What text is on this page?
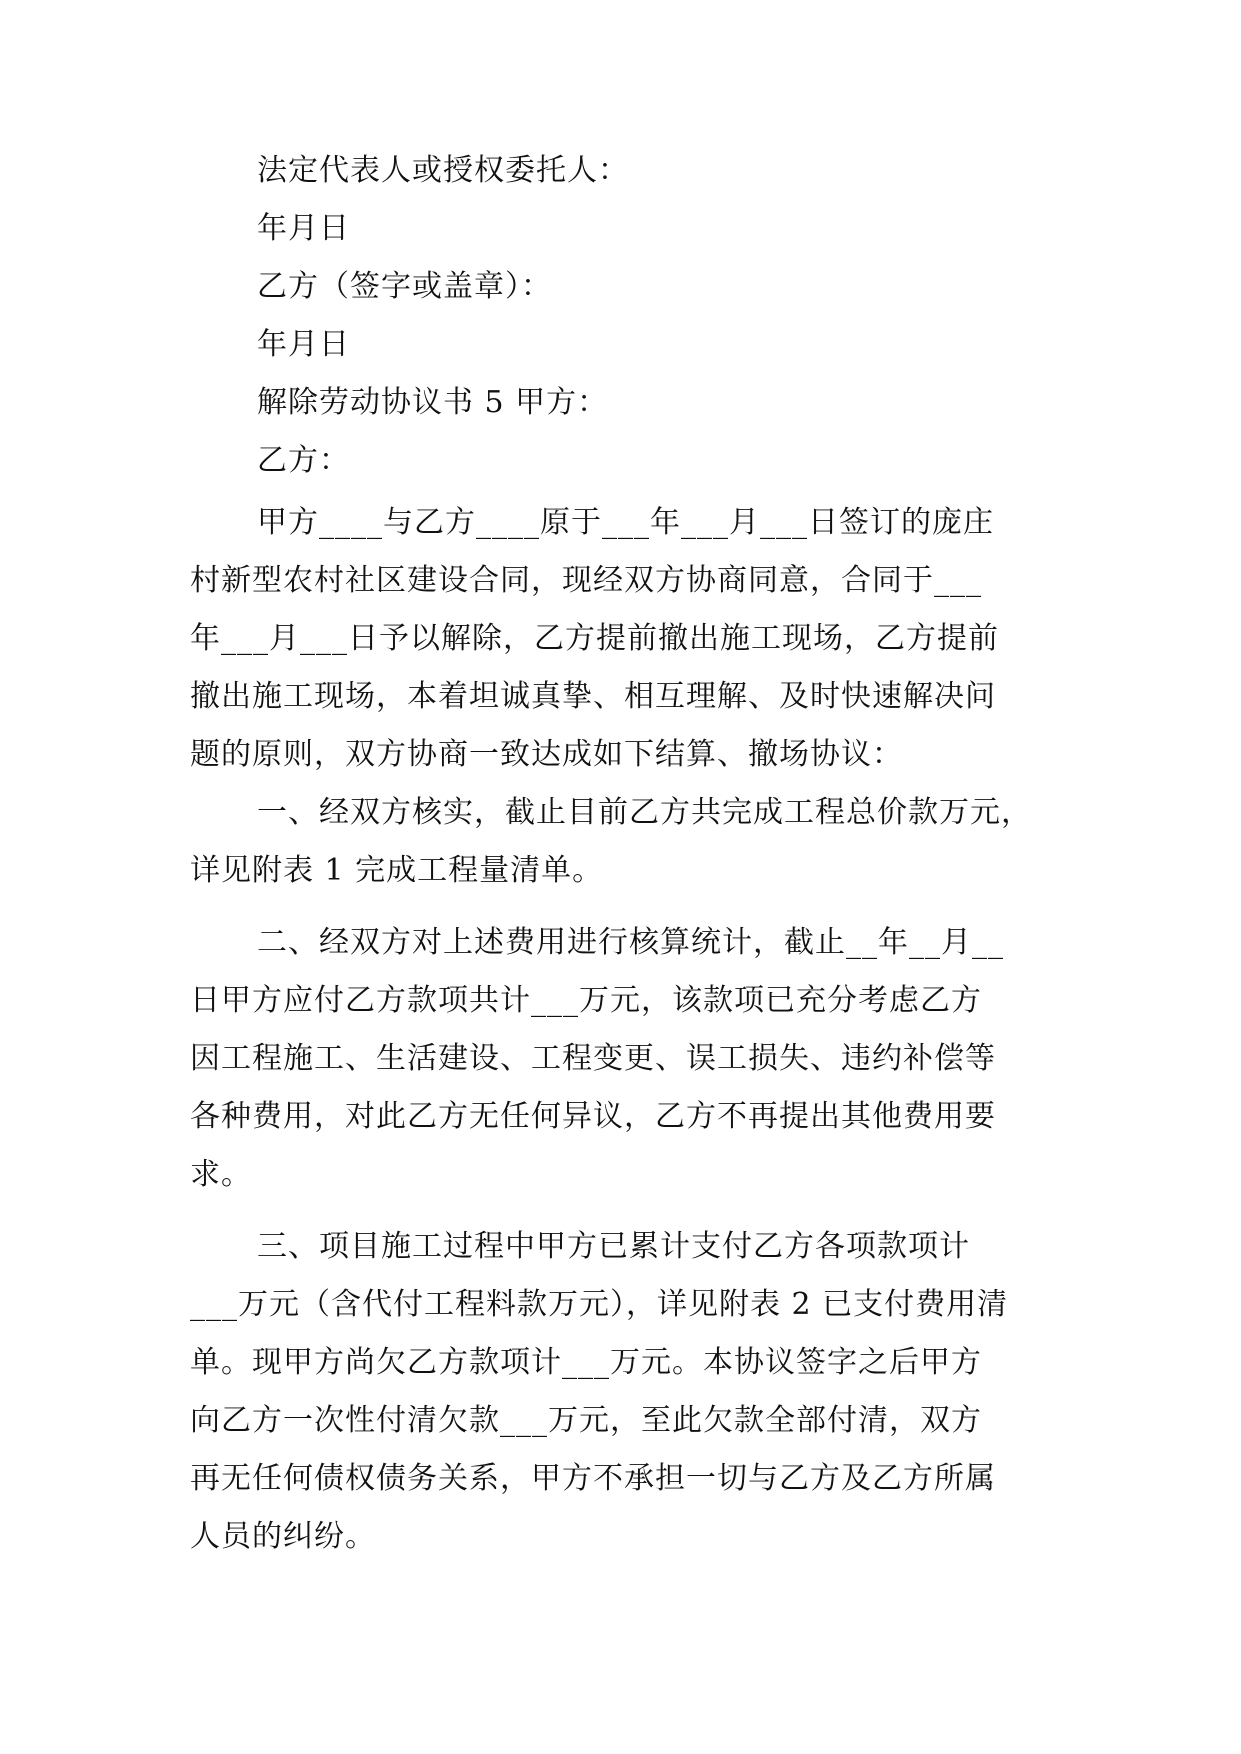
法定代表人或授权委托人：
年月日
乙方（签字或盖章）：
年月日
解除劳动协议书 5 甲方：
乙方：
甲方____与乙方____原于___年___月___日签订的庞庄
村新型农村社区建设合同，现经双方协商同意，合同于___
年___月___日予以解除，乙方提前撤出施工现场，乙方提前
撤出施工现场，本着坦诚真挚、相互理解、及时快速解决问
题的原则，双方协商一致达成如下结算、撤场协议：
一、经双方核实，截止目前乙方共完成工程总价款万元，
详见附表 1 完成工程量清单。
二、经双方对上述费用进行核算统计，截止__年__月__
日甲方应付乙方款项共计___万元，该款项已充分考虑乙方
因工程施工、生活建设、工程变更、误工损失、违约补偿等
各种费用，对此乙方无任何异议，乙方不再提出其他费用要
求。
三、项目施工过程中甲方已累计支付乙方各项款项计
___万元（含代付工程料款万元），详见附表 2 已支付费用清
单。现甲方尚欠乙方款项计___万元。本协议签字之后甲方
向乙方一次性付清欠款___万元，至此欠款全部付清，双方
再无任何债权债务关系，甲方不承担一切与乙方及乙方所属
人员的纠纷。
